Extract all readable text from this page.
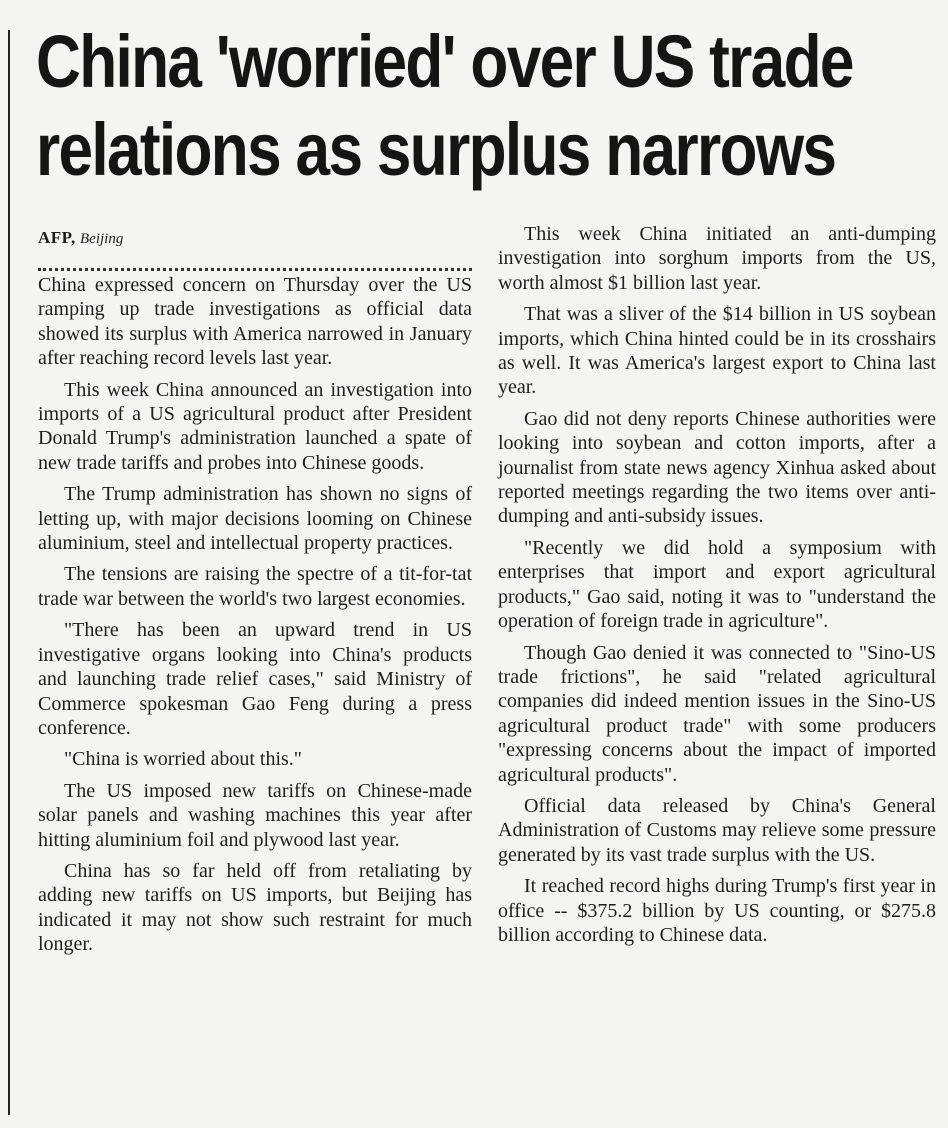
China 'worried' over US trade
relations as surplus narrows
AFP, Beijing

China expressed concern on Thursday over the US ramping up trade investigations as official data showed its surplus with America narrowed in January after reaching record levels last year.

This week China announced an investigation into imports of a US agricultural product after President Donald Trump's administration launched a spate of new trade tariffs and probes into Chinese goods.

The Trump administration has shown no signs of letting up, with major decisions looming on Chinese aluminium, steel and intellectual property practices.

The tensions are raising the spectre of a tit-for-tat trade war between the world's two largest economies.

"There has been an upward trend in US investigative organs looking into China's products and launching trade relief cases," said Ministry of Commerce spokesman Gao Feng during a press conference.

"China is worried about this."

The US imposed new tariffs on Chinese-made solar panels and washing machines this year after hitting aluminium foil and plywood last year.

China has so far held off from retaliating by adding new tariffs on US imports, but Beijing has indicated it may not show such restraint for much longer.

This week China initiated an anti-dumping investigation into sorghum imports from the US, worth almost $1 billion last year.

That was a sliver of the $14 billion in US soybean imports, which China hinted could be in its crosshairs as well. It was America's largest export to China last year.

Gao did not deny reports Chinese authorities were looking into soybean and cotton imports, after a journalist from state news agency Xinhua asked about reported meetings regarding the two items over anti-dumping and anti-subsidy issues.

"Recently we did hold a symposium with enterprises that import and export agricultural products," Gao said, noting it was to "understand the operation of foreign trade in agriculture".

Though Gao denied it was connected to "Sino-US trade frictions", he said "related agricultural companies did indeed mention issues in the Sino-US agricultural product trade" with some producers "expressing concerns about the impact of imported agricultural products".

Official data released by China's General Administration of Customs may relieve some pressure generated by its vast trade surplus with the US.

It reached record highs during Trump's first year in office -- $375.2 billion by US counting, or $275.8 billion according to Chinese data.
